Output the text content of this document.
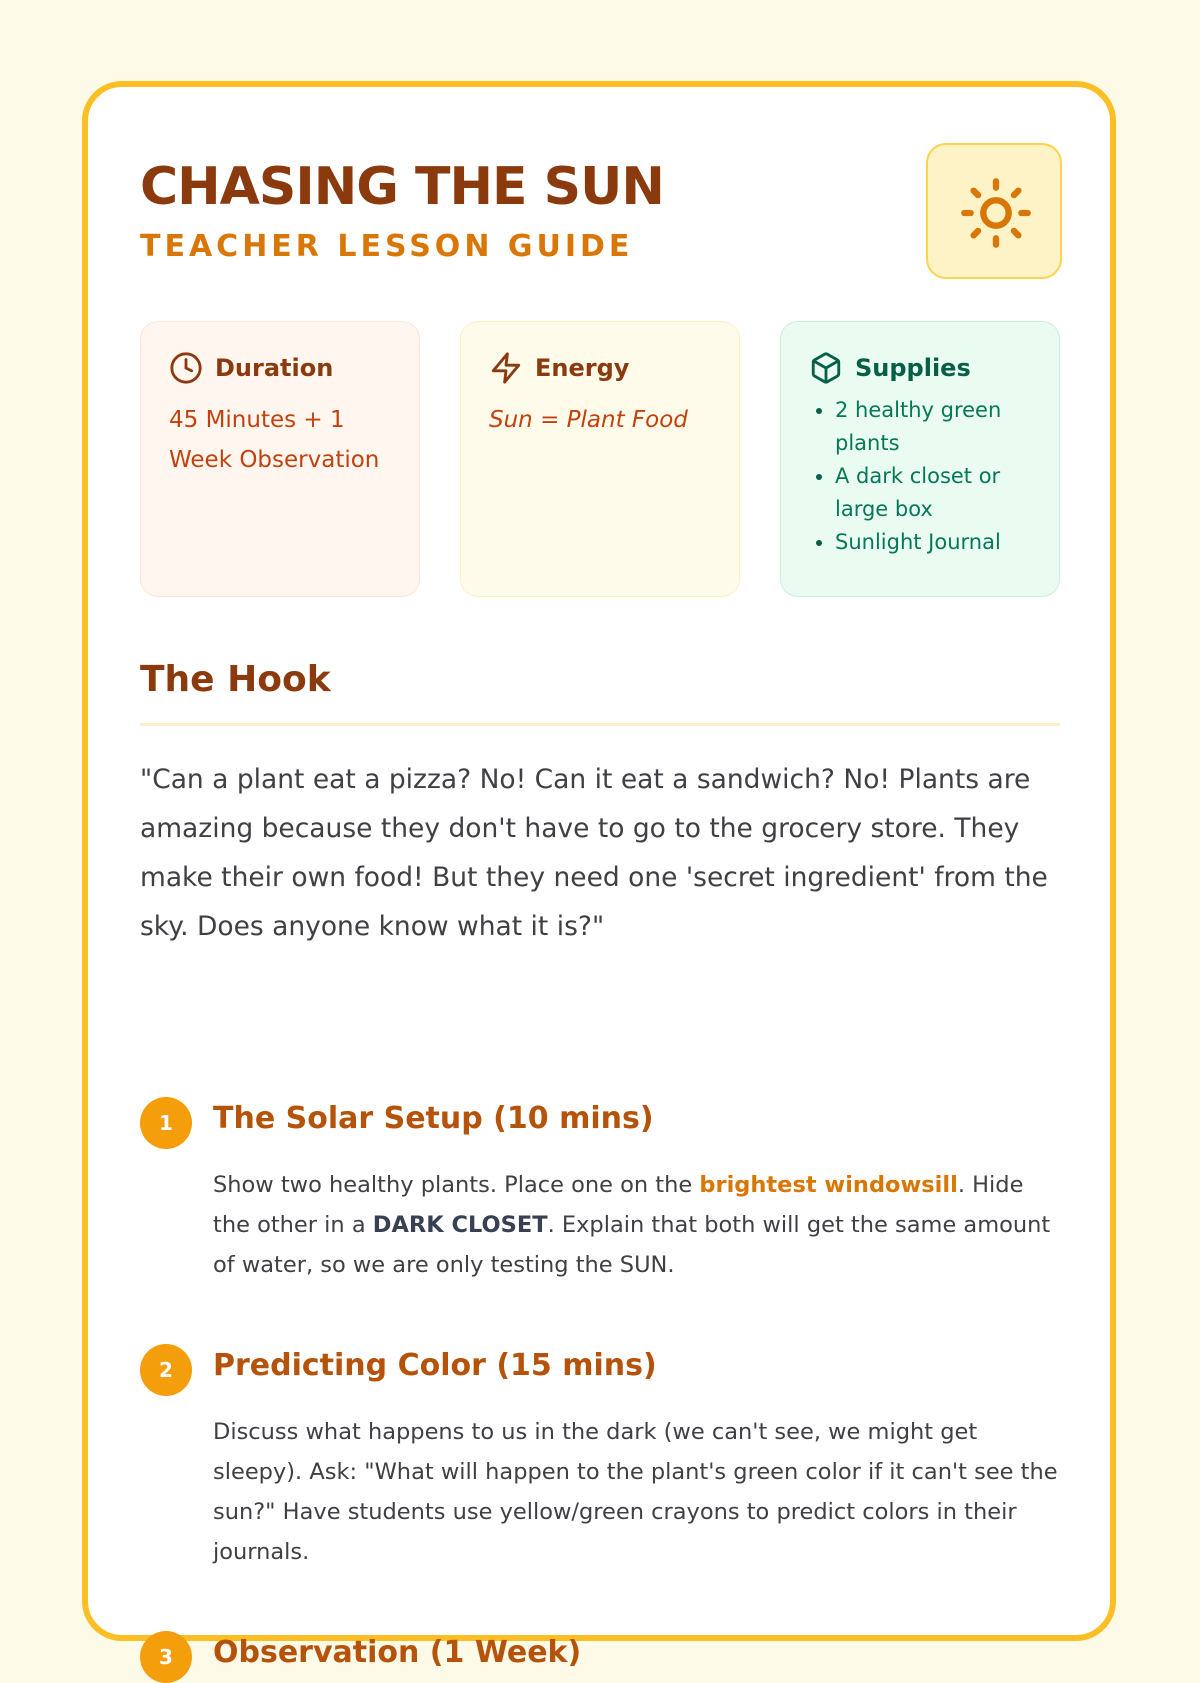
CHASING THE SUN
TEACHER LESSON GUIDE
Duration
45 Minutes + 1 Week Observation
Energy
Sun = Plant Food
Supplies
• 2 healthy green plants
• A dark closet or large box
• Sunlight Journal
The Hook

"Can a plant eat a pizza? No! Can it eat a sandwich? No! Plants are amazing because they don't have to go to the grocery store. They make their own food! But they need one 'secret ingredient' from the sky. Does anyone know what it is?"

1	The Solar Setup (10 mins)

Show two healthy plants. Place one on the brightest windowsill. Hide the other in a DARK CLOSET. Explain that both will get the same amount of water, so we are only testing the SUN.

2	Predicting Color (15 mins)

Discuss what happens to us in the dark (we can't see, we might get sleepy). Ask: "What will happen to the plant's green color if it can't see the sun?" Have students use yellow/green crayons to predict colors in their journals.

3	Observation (1 Week)
